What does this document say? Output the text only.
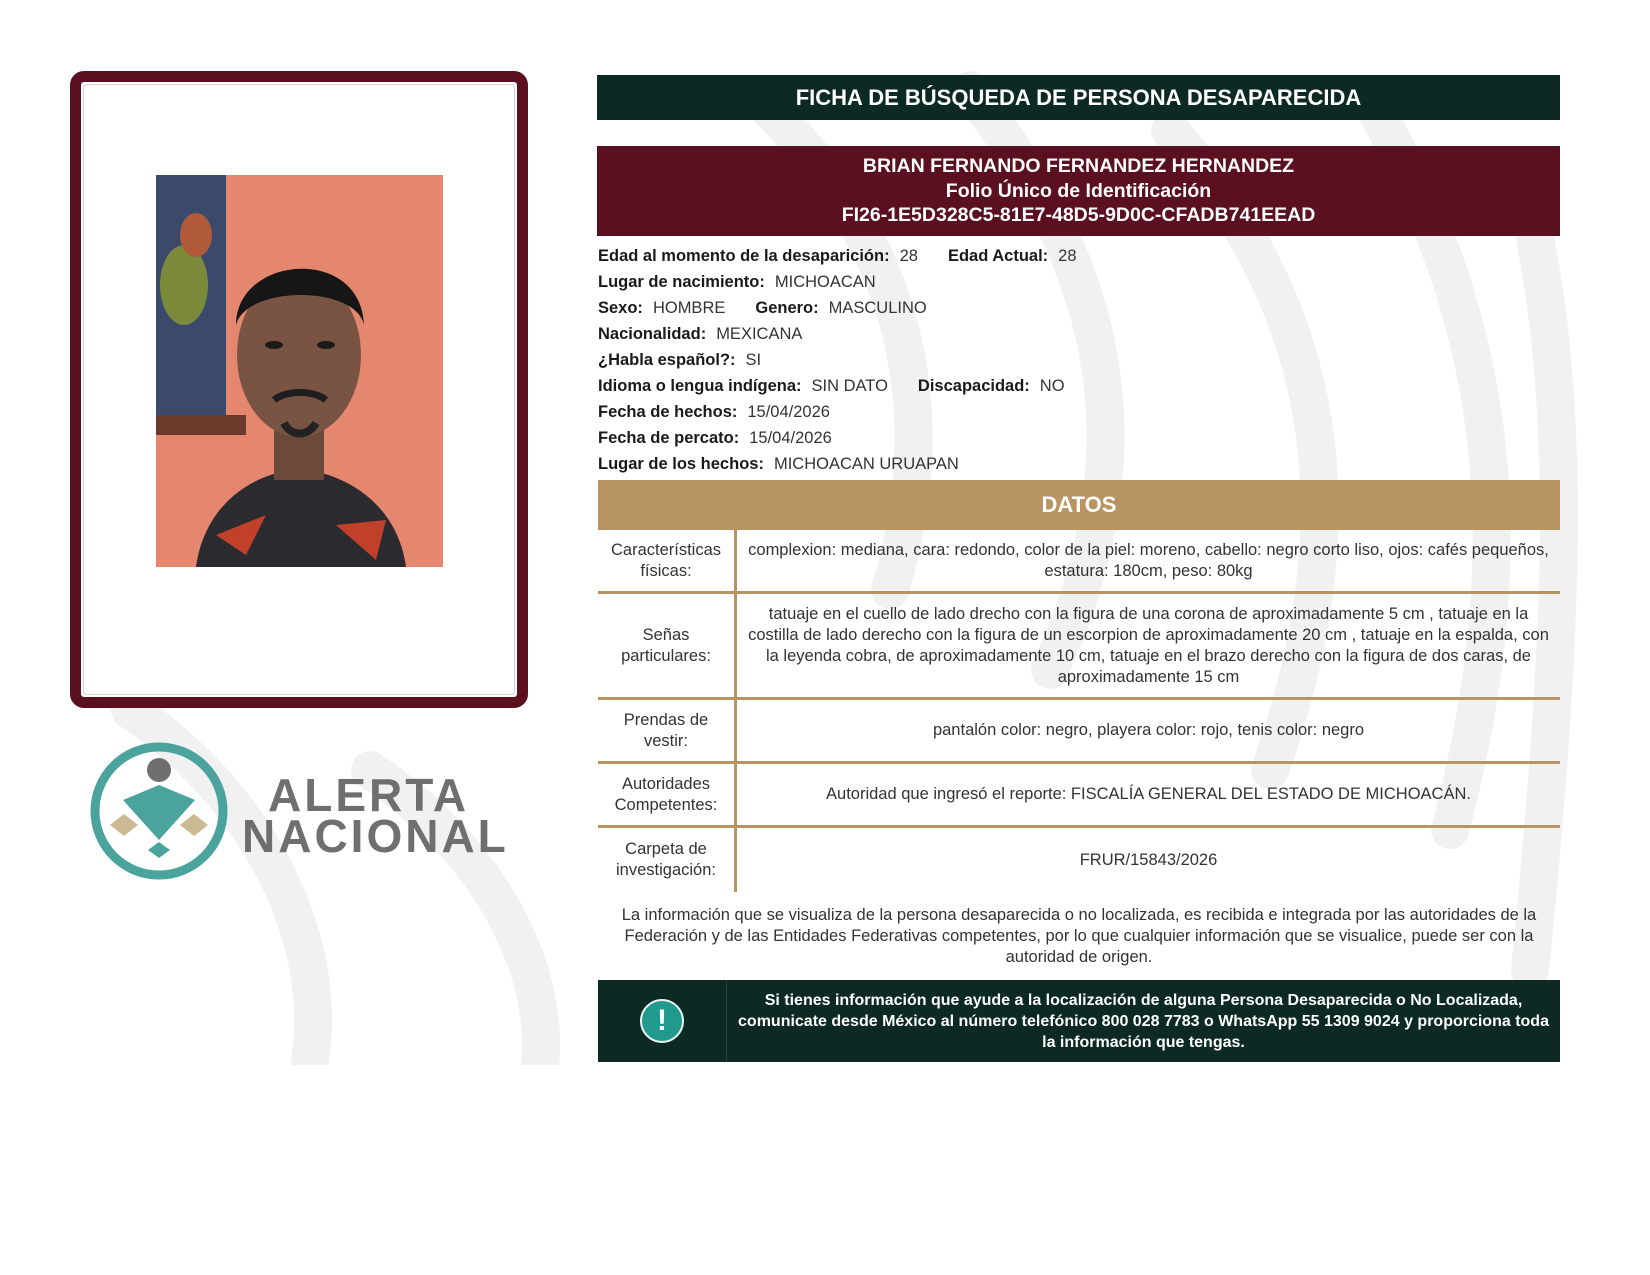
ALERTA
NACIONAL
FICHA DE BÚSQUEDA DE PERSONA DESAPARECIDA
BRIAN FERNANDO FERNANDEZ HERNANDEZ
Folio Único de Identificación
FI26-1E5D328C5-81E7-48D5-9D0C-CFADB741EEAD
Edad al momento de la desaparición: 28 Edad Actual: 28
Lugar de nacimiento: MICHOACAN
Sexo: HOMBRE Genero: MASCULINO
Nacionalidad: MEXICANA
¿Habla español?: SI
Idioma o lengua indígena: SIN DATO Discapacidad: NO
Fecha de hechos: 15/04/2026
Fecha de percato: 15/04/2026
Lugar de los hechos: MICHOACAN URUAPAN
DATOS
Características físicas:
complexion: mediana, cara: redondo, color de la piel: moreno, cabello: negro corto liso, ojos: cafés pequeños, estatura: 180cm, peso: 80kg
Señas particulares:
tatuaje en el cuello de lado drecho con la figura de una corona de aproximadamente 5 cm , tatuaje en la costilla de lado derecho con la figura de un escorpion de aproximadamente 20 cm , tatuaje en la espalda, con la leyenda cobra, de aproximadamente 10 cm, tatuaje en el brazo derecho con la figura de dos caras, de aproximadamente 15 cm
Prendas de vestir:
pantalón color: negro, playera color: rojo, tenis color: negro
Autoridades Competentes:
Autoridad que ingresó el reporte: FISCALÍA GENERAL DEL ESTADO DE MICHOACÁN.
Carpeta de investigación:
FRUR/15843/2026
La información que se visualiza de la persona desaparecida o no localizada, es recibida e integrada por las autoridades de la Federación y de las Entidades Federativas competentes, por lo que cualquier información que se visualice, puede ser con la autoridad de origen.
!
Si tienes información que ayude a la localización de alguna Persona Desaparecida o No Localizada, comunicate desde México al número telefónico 800 028 7783 o WhatsApp 55 1309 9024 y proporciona toda la información que tengas.
